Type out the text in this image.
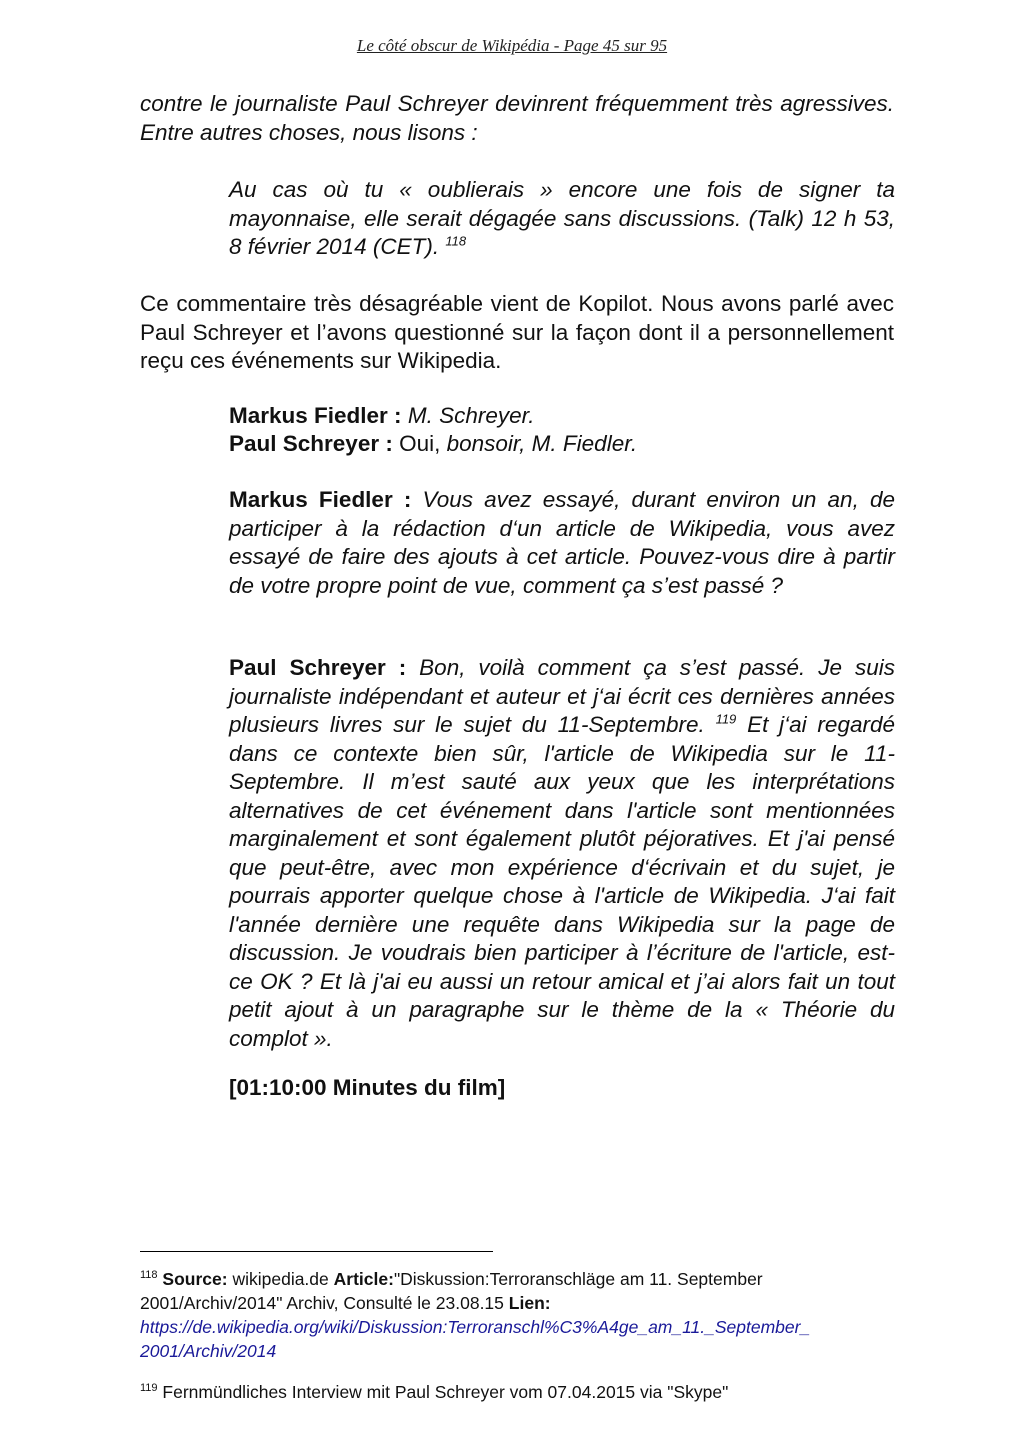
Le côté obscur de Wikipédia - Page 45 sur 95

contre le journaliste Paul Schreyer devinrent fréquemment très agressives. Entre autres choses, nous lisons :

Au cas où tu « oublierais » encore une fois de signer ta mayonnaise, elle serait dégagée sans discussions. (Talk) 12 h 53, 8 février 2014 (CET). $^{118}$

Ce commentaire très désagréable vient de Kopilot. Nous avons parlé avec Paul Schreyer et l’avons questionné sur la façon dont il a personnellement reçu ces événements sur Wikipedia.

Markus Fiedler : M. Schreyer.

Paul Schreyer : Oui, bonsoir, M. Fiedler.

Markus Fiedler : Vous avez essayé, durant environ un an, de participer à la rédaction d‘un article de Wikipedia, vous avez essayé de faire des ajouts à cet article. Pouvez-vous dire à partir de votre propre point de vue, comment ça s’est passé ?

Paul Schreyer : Bon, voilà comment ça s’est passé. Je suis journaliste indépendant et auteur et j‘ai écrit ces dernières années plusieurs livres sur le sujet du 11-Septembre. $^{119}$ Et j‘ai regardé dans ce contexte bien sûr, l'article de Wikipedia sur le 11-Septembre. Il m’est sauté aux yeux que les interprétations alternatives de cet événement dans l'article sont mentionnées marginalement et sont également plutôt péjoratives. Et j'ai pensé que peut-être, avec mon expérience d‘écrivain et du sujet, je pourrais apporter quelque chose à l'article de Wikipedia. J‘ai fait l'année dernière une requête dans Wikipedia sur la page de discussion. Je voudrais bien participer à l’écriture de l'article, est-ce OK ? Et là j'ai eu aussi un retour amical et j’ai alors fait un tout petit ajout à un paragraphe sur le thème de la « Théorie du complot ».

[01:10:00 Minutes du film]

$^{118}$ Source: wikipedia.de Article:"Diskussion:Terroranschläge am 11. September 2001/Archiv/2014" Archiv, Consulté le 23.08.15 Lien:
https://de.wikipedia.org/wiki/Diskussion:Terroranschl%C3%A4ge_am_11._September_ 2001/Archiv/2014

$^{119}$ Fernmündliches Interview mit Paul Schreyer vom 07.04.2015 via "Skype"
